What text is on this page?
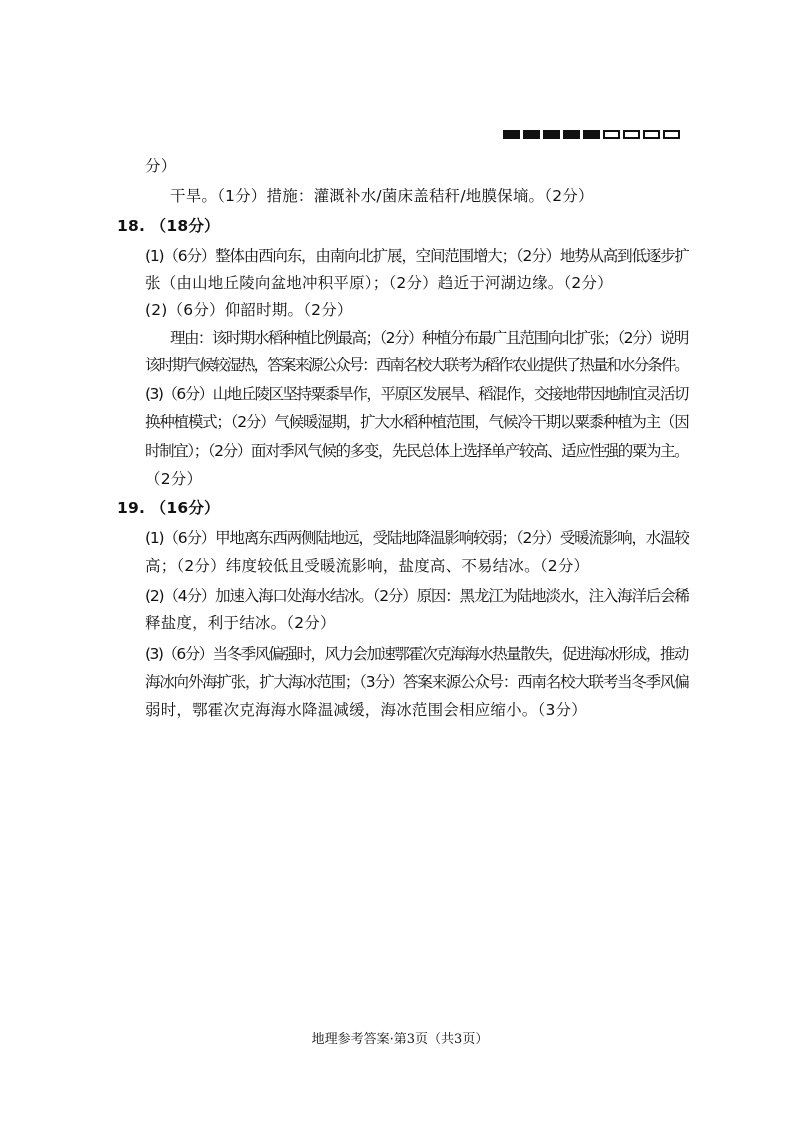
分）
干旱。（1分）措施：灌溉补水/菌床盖秸秆/地膜保墒。（2分）
18. （18分）
(1)（6分）整体由西向东，由南向北扩展，空间范围增大；（2分）地势从高到低逐步扩
张（由山地丘陵向盆地冲积平原）；（2分）趋近于河湖边缘。（2分）
(2)（6分）仰韶时期。（2分）
理由：该时期水稻种植比例最高；（2分）种植分布最广且范围向北扩张；（2分）说明
该时期气候较湿热，答案来源公众号：西南名校大联考为稻作农业提供了热量和水分条件。
(3)（6分）山地丘陵区坚持粟黍旱作，平原区发展旱、稻混作，交接地带因地制宜灵活切
换种植模式；（2分）气候暖湿期，扩大水稻种植范围，气候冷干期以粟黍种植为主（因
时制宜）；（2分）面对季风气候的多变，先民总体上选择单产较高、适应性强的粟为主。
（2分）
19. （16分）
(1)（6分）甲地离东西两侧陆地远，受陆地降温影响较弱；（2分）受暖流影响，水温较
高；（2分）纬度较低且受暖流影响，盐度高、不易结冰。（2分）
(2)（4分）加速入海口处海水结冰。（2分）原因：黑龙江为陆地淡水，注入海洋后会稀
释盐度，利于结冰。（2分）
(3)（6分）当冬季风偏强时，风力会加速鄂霍次克海海水热量散失，促进海冰形成，推动
海冰向外海扩张，扩大海冰范围；（3分）答案来源公众号：西南名校大联考当冬季风偏
弱时，鄂霍次克海海水降温减缓，海冰范围会相应缩小。（3分）
地理参考答案·第3页（共3页）
